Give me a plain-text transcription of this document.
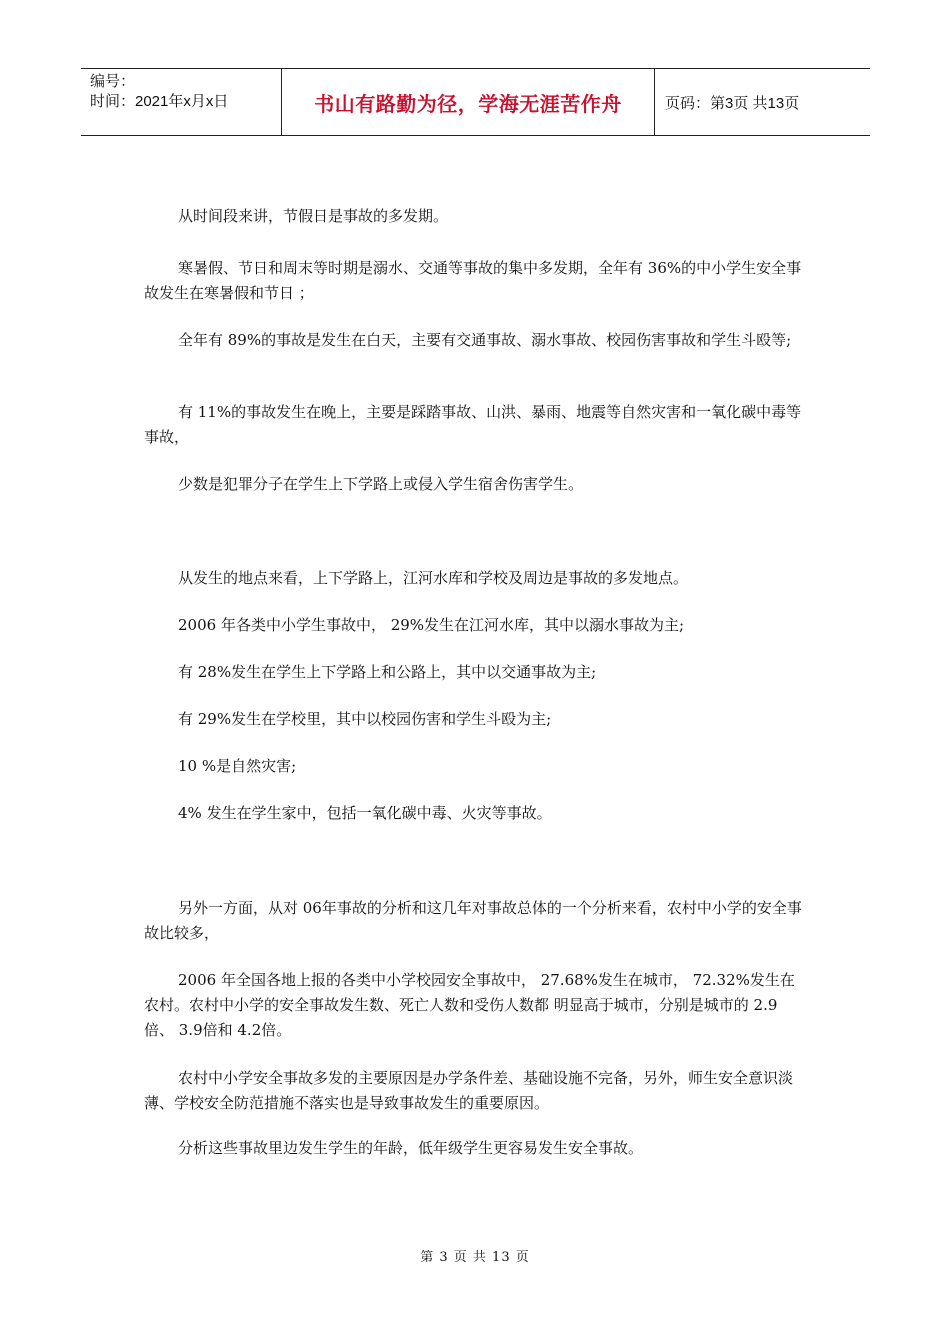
编号：
时间：2021年x月x日	书山有路勤为径，学海无涯苦作舟	页码：第3页 共13页

从时间段来讲，节假日是事故的多发期。

寒暑假、节日和周末等时期是溺水、交通等事故的集中多发期，全年有 36%的中小学生安全事故发生在寒暑假和节日 ；

全年有 89%的事故是发生在白天，主要有交通事故、溺水事故、校园伤害事故和学生斗殴等;

有 11%的事故发生在晚上，主要是踩踏事故、山洪、暴雨、地震等自然灾害和一氧化碳中毒等事故，

少数是犯罪分子在学生上下学路上或侵入学生宿舍伤害学生。

从发生的地点来看，上下学路上，江河水库和学校及周边是事故的多发地点。

2006 年各类中小学生事故中， 29%发生在江河水库，其中以溺水事故为主;

有 28%发生在学生上下学路上和公路上，其中以交通事故为主;

有 29%发生在学校里，其中以校园伤害和学生斗殴为主;

10 %是自然灾害;

4% 发生在学生家中，包括一氧化碳中毒、火灾等事故。

另外一方面，从对 06年事故的分析和这几年对事故总体的一个分析来看，农村中小学的安全事故比较多，

2006 年全国各地上报的各类中小学校园安全事故中， 27.68%发生在城市， 72.32%发生在农村。农村中小学的安全事故发生数、死亡人数和受伤人数都 明显高于城市，分别是城市的 2.9倍、 3.9倍和 4.2倍。

农村中小学安全事故多发的主要原因是办学条件差、基础设施不完备，另外，师生安全意识淡薄、学校安全防范措施不落实也是导致事故发生的重要原因。

分析这些事故里边发生学生的年龄，低年级学生更容易发生安全事故。

第 3 页 共 13 页
